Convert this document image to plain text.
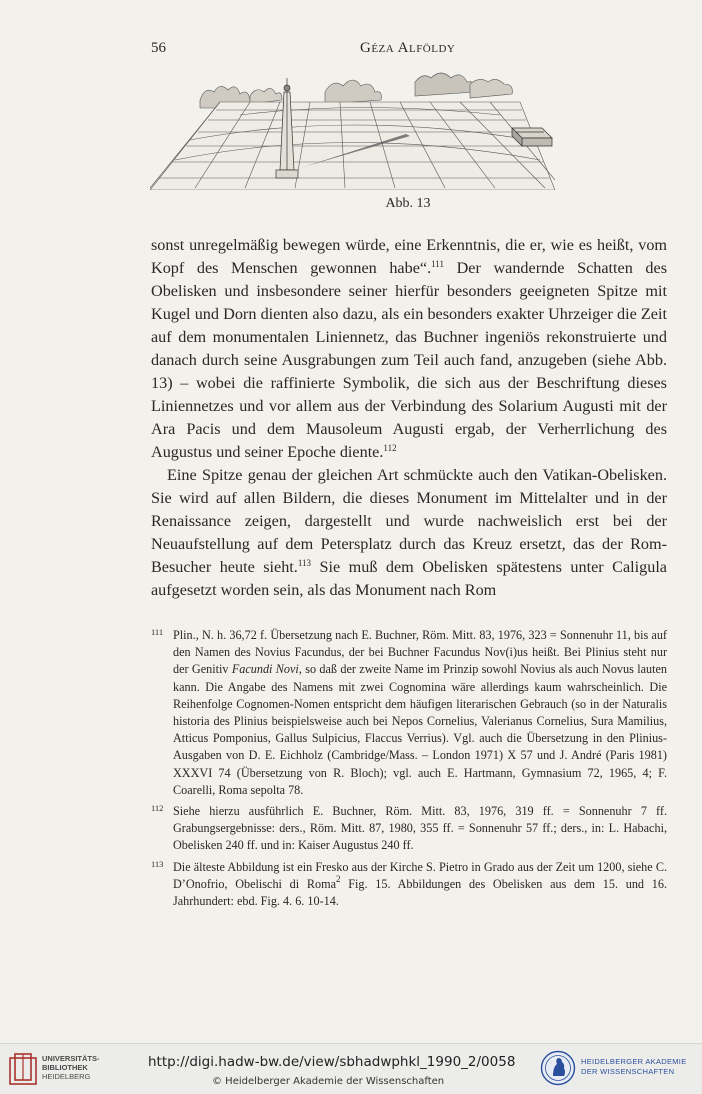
56	Géza Alföldy
Abb. 13

sonst unregelmäßig bewegen würde, eine Erkenntnis, die er, wie es heißt, vom Kopf des Menschen gewonnen habe“.$^{111}$ Der wandernde Schatten des Obelisken und insbesondere seiner hierfür besonders geeigneten Spitze mit Kugel und Dorn dienten also dazu, als ein besonders exakter Uhrzeiger die Zeit auf dem monumentalen Liniennetz, das Buchner ingeniös rekonstruierte und danach durch seine Ausgrabungen zum Teil auch fand, anzugeben (siehe Abb. 13) – wobei die raffinierte Symbolik, die sich aus der Beschriftung dieses Liniennetzes und vor allem aus der Verbindung des Solarium Augusti mit der Ara Pacis und dem Mausoleum Augusti ergab, der Verherrlichung des Augustus und seiner Epoche diente.$^{112}$

Eine Spitze genau der gleichen Art schmückte auch den Vatikan-Obelisken. Sie wird auf allen Bildern, die dieses Monument im Mittelalter und in der Renaissance zeigen, dargestellt und wurde nachweislich erst bei der Neuaufstellung auf dem Petersplatz durch das Kreuz ersetzt, das der Rom-Besucher heute sieht.$^{113}$ Sie muß dem Obelisken spätestens unter Caligula aufgesetzt worden sein, als das Monument nach Rom

111 Plin., N. h. 36,72 f. Übersetzung nach E. Buchner, Röm. Mitt. 83, 1976, 323 = Sonnenuhr 11, bis auf den Namen des Novius Facundus, der bei Buchner Facundus Nov(i)us heißt. Bei Plinius steht nur der Genitiv Facundi Novi, so daß der zweite Name im Prinzip sowohl Novius als auch Novus lauten kann. Die Angabe des Namens mit zwei Cognomina wäre allerdings kaum wahrscheinlich. Die Reihenfolge Cognomen-Nomen entspricht dem häufigen literarischen Gebrauch (so in der Naturalis historia des Plinius beispielsweise auch bei Nepos Cornelius, Valerianus Cornelius, Sura Mamilius, Atticus Pomponius, Gallus Sulpicius, Flaccus Verrius). Vgl. auch die Übersetzung in den Plinius-Ausgaben von D. E. Eichholz (Cambridge/Mass. – London 1971) X 57 und J. André (Paris 1981) XXXVI 74 (Übersetzung von R. Bloch); vgl. auch E. Hartmann, Gymnasium 72, 1965, 4; F. Coarelli, Roma sepolta 78.
112 Siehe hierzu ausführlich E. Buchner, Röm. Mitt. 83, 1976, 319 ff. = Sonnenuhr 7 ff. Grabungsergebnisse: ders., Röm. Mitt. 87, 1980, 355 ff. = Sonnenuhr 57 ff.; ders., in: L. Habachi, Obelisken 240 ff. und in: Kaiser Augustus 240 ff.
113 Die älteste Abbildung ist ein Fresko aus der Kirche S. Pietro in Grado aus der Zeit um 1200, siehe C. D’Onofrio, Obelischi di Roma$^2$ Fig. 15. Abbildungen des Obelisken aus dem 15. und 16. Jahrhundert: ebd. Fig. 4. 6. 10-14.
UNIVERSITÄTS-
BIBLIOTHEK
HEIDELBERG
http://digi.hadw-bw.de/view/sbhadwphkl_1990_2/0058
© Heidelberger Akademie der Wissenschaften
HEIDELBERGER AKADEMIE
DER WISSENSCHAFTEN
